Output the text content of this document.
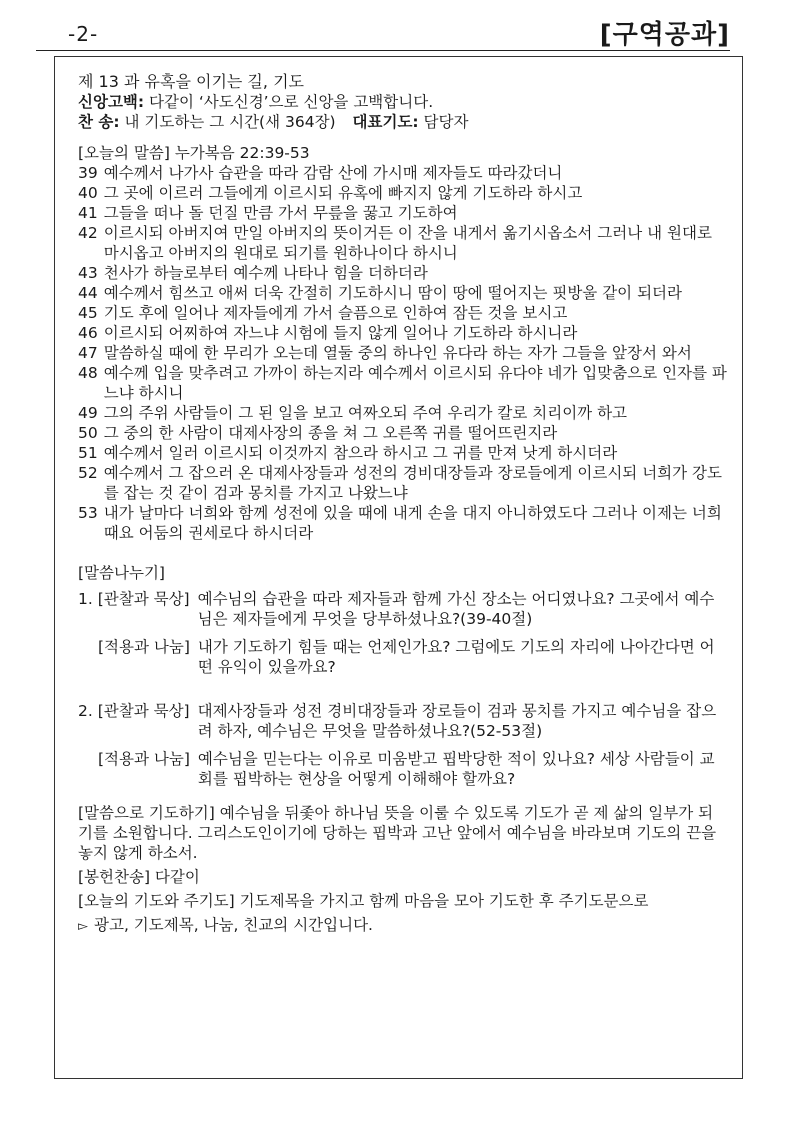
-2-	[구역공과]
제 13 과 유혹을 이기는 길, 기도
신앙고백: 다같이 ‘사도신경’으로 신앙을 고백합니다.
찬 송: 내 기도하는 그 시간(새 364장) 대표기도: 담당자
[오늘의 말씀] 누가복음 22:39-53
39 예수께서 나가사 습관을 따라 감람 산에 가시매 제자들도 따라갔더니
40 그 곳에 이르러 그들에게 이르시되 유혹에 빠지지 않게 기도하라 하시고
41 그들을 떠나 돌 던질 만큼 가서 무릎을 꿇고 기도하여
42 이르시되 아버지여 만일 아버지의 뜻이거든 이 잔을 내게서 옮기시옵소서 그러나 내 원대로 마시옵고 아버지의 원대로 되기를 원하나이다 하시니
43 천사가 하늘로부터 예수께 나타나 힘을 더하더라
44 예수께서 힘쓰고 애써 더욱 간절히 기도하시니 땀이 땅에 떨어지는 핏방울 같이 되더라
45 기도 후에 일어나 제자들에게 가서 슬픔으로 인하여 잠든 것을 보시고
46 이르시되 어찌하여 자느냐 시험에 들지 않게 일어나 기도하라 하시니라
47 말씀하실 때에 한 무리가 오는데 열둘 중의 하나인 유다라 하는 자가 그들을 앞장서 와서
48 예수께 입을 맞추려고 가까이 하는지라 예수께서 이르시되 유다야 네가 입맞춤으로 인자를 파느냐 하시니
49 그의 주위 사람들이 그 된 일을 보고 여짜오되 주여 우리가 칼로 치리이까 하고
50 그 중의 한 사람이 대제사장의 종을 쳐 그 오른쪽 귀를 떨어뜨린지라
51 예수께서 일러 이르시되 이것까지 참으라 하시고 그 귀를 만져 낫게 하시더라
52 예수께서 그 잡으러 온 대제사장들과 성전의 경비대장들과 장로들에게 이르시되 너희가 강도를 잡는 것 같이 검과 몽치를 가지고 나왔느냐
53 내가 날마다 너희와 함께 성전에 있을 때에 내게 손을 대지 아니하였도다 그러나 이제는 너희 때요 어둠의 권세로다 하시더라
[말씀나누기]
1. [관찰과 묵상] 예수님의 습관을 따라 제자들과 함께 가신 장소는 어디였나요? 그곳에서 예수님은 제자들에게 무엇을 당부하셨나요?(39-40절)
[적용과 나눔] 내가 기도하기 힘들 때는 언제인가요? 그럼에도 기도의 자리에 나아간다면 어떤 유익이 있을까요?
2. [관찰과 묵상] 대제사장들과 성전 경비대장들과 장로들이 검과 몽치를 가지고 예수님을 잡으려 하자, 예수님은 무엇을 말씀하셨나요?(52-53절)
[적용과 나눔] 예수님을 믿는다는 이유로 미움받고 핍박당한 적이 있나요? 세상 사람들이 교회를 핍박하는 현상을 어떻게 이해해야 할까요?
[말씀으로 기도하기] 예수님을 뒤좇아 하나님 뜻을 이룰 수 있도록 기도가 곧 제 삶의 일부가 되기를 소원합니다. 그리스도인이기에 당하는 핍박과 고난 앞에서 예수님을 바라보며 기도의 끈을 놓지 않게 하소서.
[봉헌찬송] 다같이
[오늘의 기도와 주기도] 기도제목을 가지고 함께 마음을 모아 기도한 후 주기도문으로
▻ 광고, 기도제목, 나눔, 친교의 시간입니다.
